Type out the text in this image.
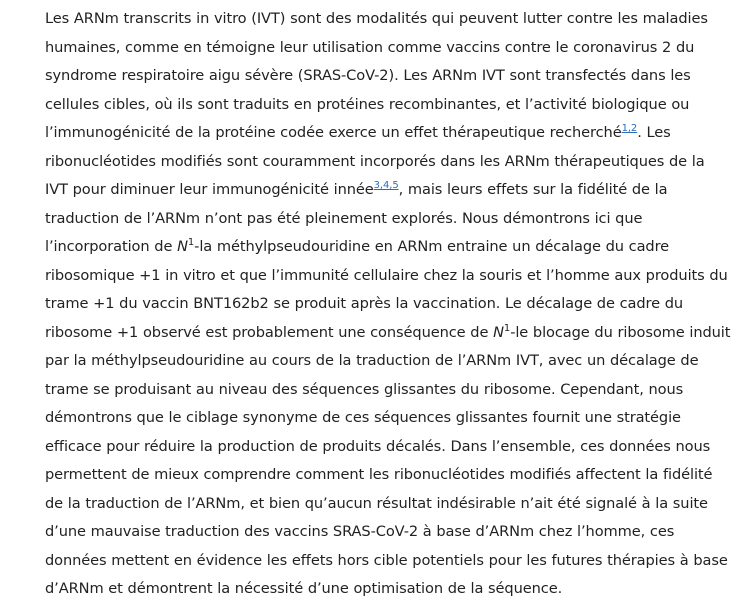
Les ARNm transcrits in vitro (IVT) sont des modalités qui peuvent lutter contre les maladies
humaines, comme en témoigne leur utilisation comme vaccins contre le coronavirus 2 du
syndrome respiratoire aigu sévère (SRAS-CoV-2). Les ARNm IVT sont transfectés dans les
cellules cibles, où ils sont traduits en protéines recombinantes, et l’activité biologique ou
l’immunogénicité de la protéine codée exerce un effet thérapeutique recherché$^{1,2}$. Les
ribonucléotides modifiés sont couramment incorporés dans les ARNm thérapeutiques de la
IVT pour diminuer leur immunogénicité innée$^{3,4,5}$, mais leurs effets sur la fidélité de la
traduction de l’ARNm n’ont pas été pleinement explorés. Nous démontrons ici que
l’incorporation de $N^1-la$ méthylpseudouridine en ARNm entraine un décalage du cadre
ribosomique +1 in vitro et que l’immunité cellulaire chez la souris et l’homme aux produits du
trame +1 du vaccin BNT162b2 se produit après la vaccination. Le décalage de cadre du
ribosome +1 observé est probablement une conséquence de $N^1-le$ blocage du ribosome induit
par la méthylpseudouridine au cours de la traduction de l’ARNm IVT, avec un décalage de
trame se produisant au niveau des séquences glissantes du ribosome. Cependant, nous
démontrons que le ciblage synonyme de ces séquences glissantes fournit une stratégie
efficace pour réduire la production de produits décalés. Dans l’ensemble, ces données nous
permettent de mieux comprendre comment les ribonucléotides modifiés affectent la fidélité
de la traduction de l’ARNm, et bien qu’aucun résultat indésirable n’ait été signalé à la suite
d’une mauvaise traduction des vaccins SRAS-CoV-2 à base d’ARNm chez l’homme, ces
données mettent en évidence les effets hors cible potentiels pour les futures thérapies à base
d’ARNm et démontrent la nécessité d’une optimisation de la séquence.
